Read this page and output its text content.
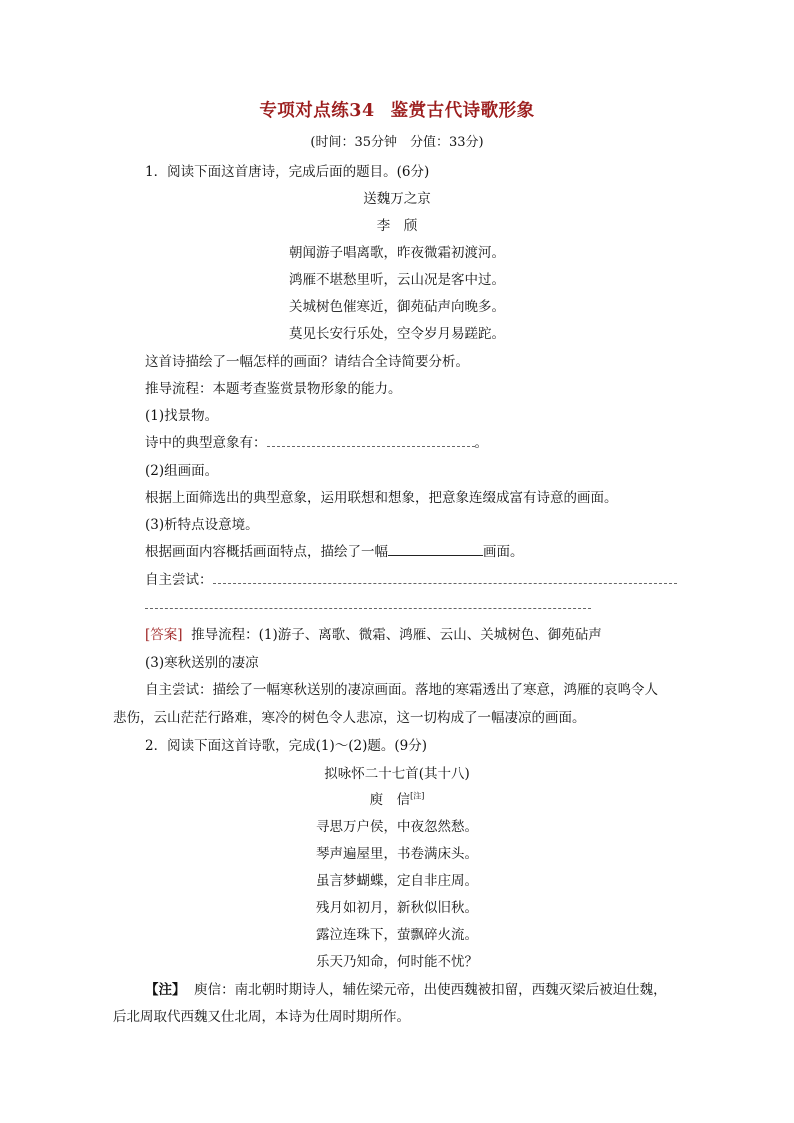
专项对点练34 鉴赏古代诗歌形象
(时间：35分钟　分值：33分)
1．阅读下面这首唐诗，完成后面的题目。(6分)
送魏万之京
李　颀
朝闻游子唱离歌，昨夜微霜初渡河。
鸿雁不堪愁里听，云山况是客中过。
关城树色催寒近，御苑砧声向晚多。
莫见长安行乐处，空令岁月易蹉跎。
这首诗描绘了一幅怎样的画面？请结合全诗简要分析。
推导流程：本题考查鉴赏景物形象的能力。
(1)找景物。
诗中的典型意象有：	。
(2)组画面。
根据上面筛选出的典型意象，运用联想和想象，把意象连缀成富有诗意的画面。
(3)析特点设意境。
根据画面内容概括画面特点，描绘了一幅	画面。
自主尝试：
[答案] 推导流程：(1)游子、离歌、微霜、鸿雁、云山、关城树色、御苑砧声
(3)寒秋送别的凄凉
自主尝试：描绘了一幅寒秋送别的凄凉画面。落地的寒霜透出了寒意，鸿雁的哀鸣令人
悲伤，云山茫茫行路难，寒冷的树色令人悲凉，这一切构成了一幅凄凉的画面。
2．阅读下面这首诗歌，完成(1)～(2)题。(9分)
拟咏怀二十七首(其十八)
庾　信[注]
寻思万户侯，中夜忽然愁。
琴声遍屋里，书卷满床头。
虽言梦蝴蝶，定自非庄周。
残月如初月，新秋似旧秋。
露泣连珠下，萤飘碎火流。
乐天乃知命，何时能不忧？
【注】 庾信：南北朝时期诗人，辅佐梁元帝，出使西魏被扣留，西魏灭梁后被迫仕魏，
后北周取代西魏又仕北周，本诗为仕周时期所作。
